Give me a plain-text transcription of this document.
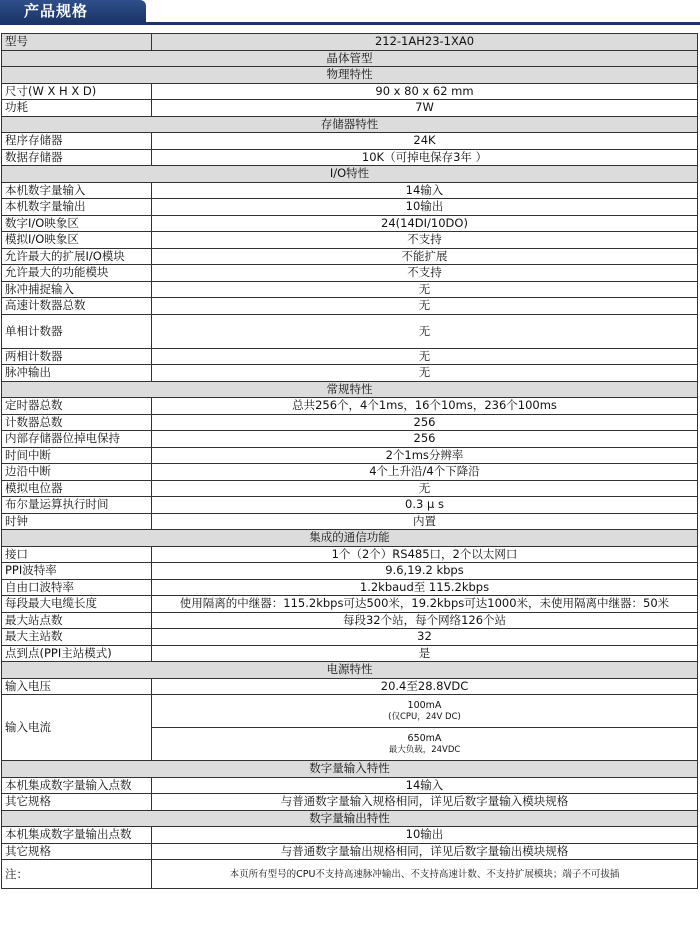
产品规格
型号	212-1AH23-1XA0
晶体管型	
物理特性	
尺寸(W X H X D)	90 x 80 x 62 mm
功耗	7W
存储器特性	
程序存储器	24K
数据存储器	10K（可掉电保存3年 ）
I/O特性	
本机数字量输入	14输入
本机数字量输出	10输出
数字I/O映象区	24(14DI/10DO)
模拟I/O映象区	不支持
允许最大的扩展I/O模块	不能扩展
允许最大的功能模块	不支持
脉冲捕捉输入	无
高速计数器总数	无
单相计数器	无
两相计数器	无
脉冲输出	无
常规特性	
定时器总数	总共256个，4个1ms，16个10ms，236个100ms
计数器总数	256
内部存储器位掉电保持	256
时间中断	2个1ms分辨率
边沿中断	4个上升沿/4个下降沿
模拟电位器	无
布尔量运算执行时间	0.3 μ s
时钟	内置
集成的通信功能	
接口	1个（2个）RS485口，2个以太网口
PPI波特率	9.6,19.2 kbps
自由口波特率	1.2kbaud至 115.2kbps
每段最大电缆长度	使用隔离的中继器：115.2kbps可达500米，19.2kbps可达1000米，未使用隔离中继器：50米
最大站点数	每段32个站，每个网络126个站
最大主站数	32
点到点(PPI主站模式)	是
电源特性	
输入电压	20.4至28.8VDC
输入电流	100mA
(仅CPU，24V DC)

	650mA
最大负载，24VDC

数字量输入特性	
本机集成数字量输入点数	14输入
其它规格	与普通数字量输入规格相同，详见后数字量输入模块规格
数字量输出特性	
本机集成数字量输出点数	10输出
其它规格	与普通数字量输出规格相同，详见后数字量输出模块规格
注：	本页所有型号的CPU不支持高速脉冲输出、不支持高速计数、不支持扩展模块；端子不可拔插
